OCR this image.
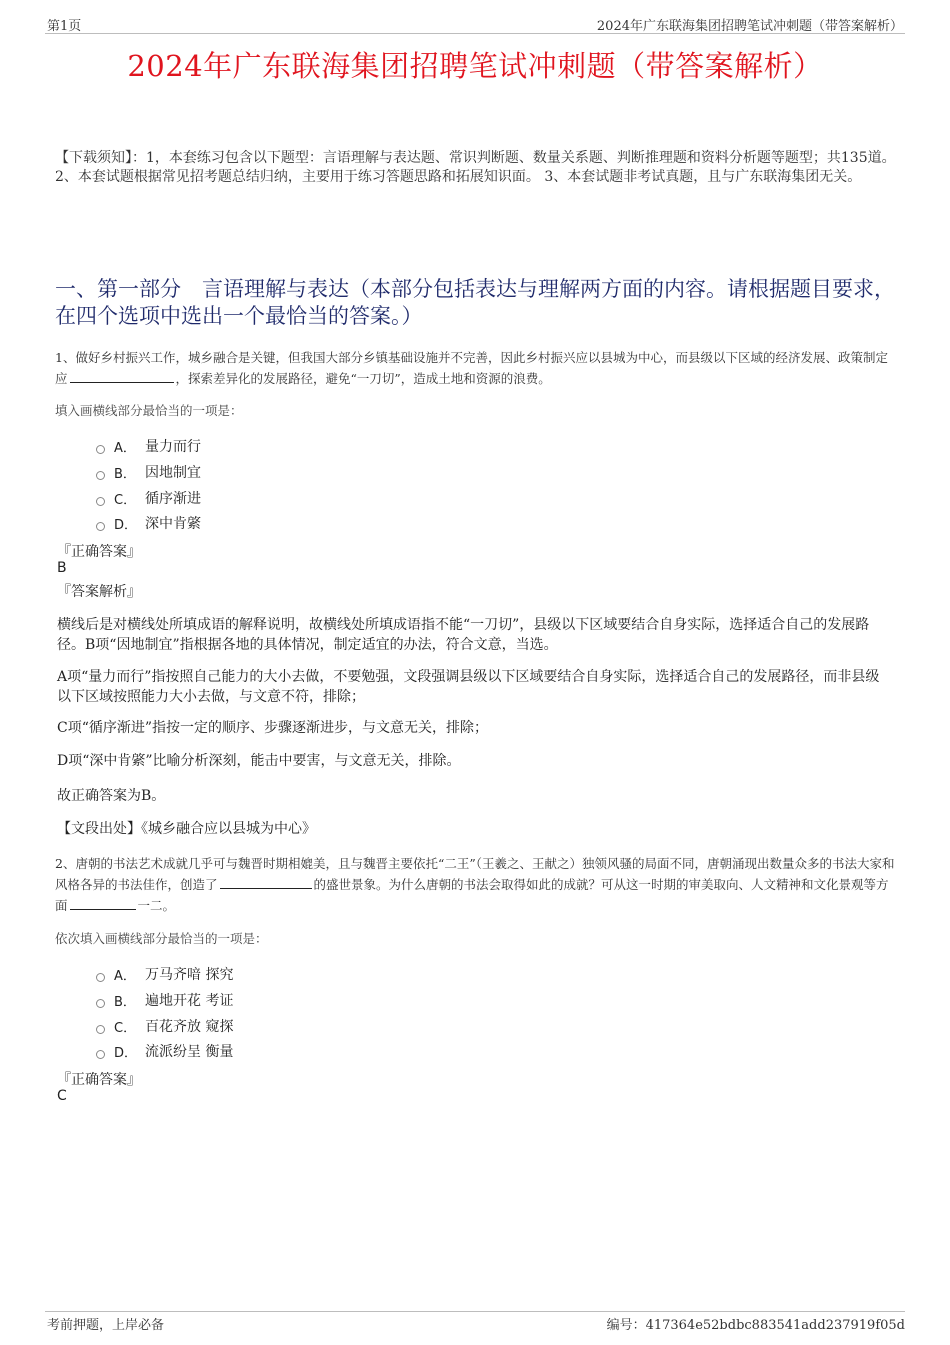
第1页	2024年广东联海集团招聘笔试冲刺题（带答案解析）
2024年广东联海集团招聘笔试冲刺题（带答案解析）
【下载须知】：1，本套练习包含以下题型：言语理解与表达题、常识判断题、数量关系题、判断推理题和资料分析题等题型；共135道。 2、本套试题根据常见招考题总结归纳，主要用于练习答题思路和拓展知识面。 3、本套试题非考试真题，且与广东联海集团无关。
一、第一部分　言语理解与表达（本部分包括表达与理解两方面的内容。请根据题目要求，在四个选项中选出一个最恰当的答案。）
1、做好乡村振兴工作，城乡融合是关键，但我国大部分乡镇基础设施并不完善，因此乡村振兴应以县城为中心，而县级以下区域的经济发展、政策制定应	，探索差异化的发展路径，避免“一刀切”，造成土地和资源的浪费。
填入画横线部分最恰当的一项是：
A． 量力而行
B． 因地制宜
C． 循序渐进
D． 深中肯綮
『正确答案』
B
『答案解析』
横线后是对横线处所填成语的解释说明，故横线处所填成语指不能“一刀切”，县级以下区域要结合自身实际，选择适合自己的发展路径。B项“因地制宜”指根据各地的具体情况，制定适宜的办法，符合文意，当选。
A项“量力而行”指按照自己能力的大小去做，不要勉强，文段强调县级以下区域要结合自身实际，选择适合自己的发展路径，而非县级以下区域按照能力大小去做，与文意不符，排除；
C项“循序渐进”指按一定的顺序、步骤逐渐进步，与文意无关，排除；
D项“深中肯綮”比喻分析深刻，能击中要害，与文意无关，排除。
故正确答案为B。
【文段出处】《城乡融合应以县城为中心》
2、唐朝的书法艺术成就几乎可与魏晋时期相媲美，且与魏晋主要依托“二王”（王羲之、王献之）独领风骚的局面不同，唐朝涌现出数量众多的书法大家和风格各异的书法佳作，创造了	的盛世景象。为什么唐朝的书法会取得如此的成就？可从这一时期的审美取向、人文精神和文化景观等方面	一二。
依次填入画横线部分最恰当的一项是：
A． 万马齐喑 探究
B． 遍地开花 考证
C． 百花齐放 窥探
D． 流派纷呈 衡量
『正确答案』
C
考前押题，上岸必备	编号：417364e52bdbc883541add237919f05d
